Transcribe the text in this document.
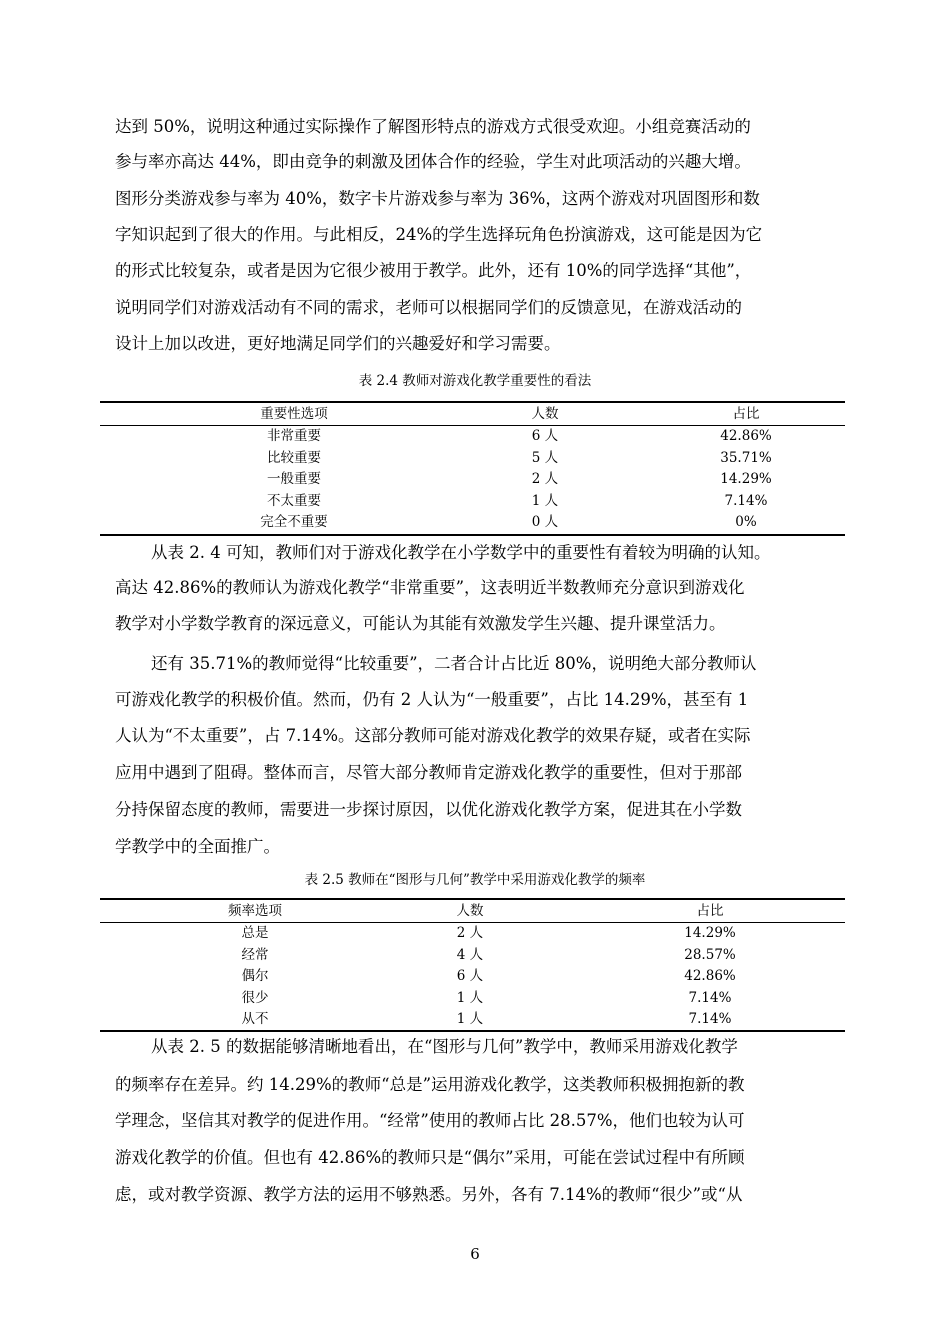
达到 50%，说明这种通过实际操作了解图形特点的游戏方式很受欢迎。小组竞赛活动的
参与率亦高达 44%，即由竞争的刺激及团体合作的经验，学生对此项活动的兴趣大增。
图形分类游戏参与率为 40%，数字卡片游戏参与率为 36%，这两个游戏对巩固图形和数
字知识起到了很大的作用。与此相反，24%的学生选择玩角色扮演游戏，这可能是因为它
的形式比较复杂，或者是因为它很少被用于教学。此外，还有 10%的同学选择“其他”，
说明同学们对游戏活动有不同的需求，老师可以根据同学们的反馈意见，在游戏活动的
设计上加以改进，更好地满足同学们的兴趣爱好和学习需要。
表 2.4 教师对游戏化教学重要性的看法
重要性选项	人数	占比
非常重要	6 人	42.86%
比较重要	5 人	35.71%
一般重要	2 人	14.29%
不太重要	1 人	7.14%
完全不重要	0 人	0%
从表 2. 4 可知，教师们对于游戏化教学在小学数学中的重要性有着较为明确的认知。
高达 42.86%的教师认为游戏化教学“非常重要”，这表明近半数教师充分意识到游戏化
教学对小学数学教育的深远意义，可能认为其能有效激发学生兴趣、提升课堂活力。
还有 35.71%的教师觉得“比较重要”，二者合计占比近 80%，说明绝大部分教师认
可游戏化教学的积极价值。然而，仍有 2 人认为“一般重要”，占比 14.29%，甚至有 1
人认为“不太重要”，占 7.14%。这部分教师可能对游戏化教学的效果存疑，或者在实际
应用中遇到了阻碍。整体而言，尽管大部分教师肯定游戏化教学的重要性，但对于那部
分持保留态度的教师，需要进一步探讨原因，以优化游戏化教学方案，促进其在小学数
学教学中的全面推广。
表 2.5 教师在“图形与几何”教学中采用游戏化教学的频率
频率选项	人数	占比
总是	2 人	14.29%
经常	4 人	28.57%
偶尔	6 人	42.86%
很少	1 人	7.14%
从不	1 人	7.14%
从表 2. 5 的数据能够清晰地看出，在“图形与几何”教学中，教师采用游戏化教学
的频率存在差异。约 14.29%的教师“总是”运用游戏化教学，这类教师积极拥抱新的教
学理念，坚信其对教学的促进作用。“经常”使用的教师占比 28.57%，他们也较为认可
游戏化教学的价值。但也有 42.86%的教师只是“偶尔”采用，可能在尝试过程中有所顾
虑，或对教学资源、教学方法的运用不够熟悉。另外，各有 7.14%的教师“很少”或“从
6
